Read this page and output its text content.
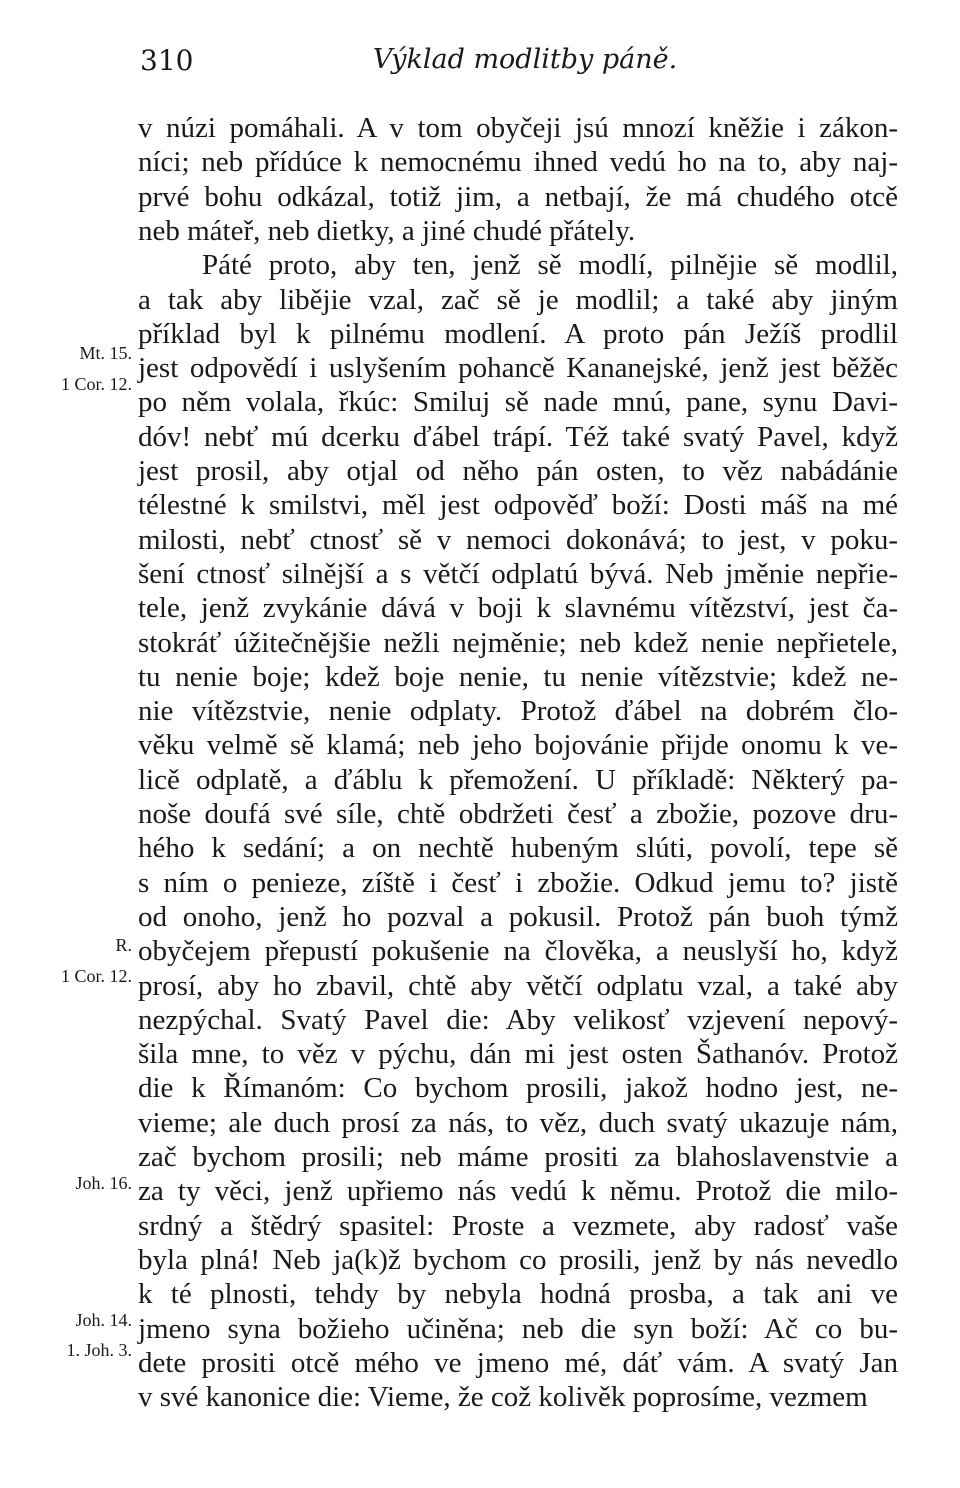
310	Výklad modlitby páně.
v núzi pomáhali. A v tom obyčeji jsú mnozí kněžie i zákon-
níci; neb přídúce k nemocnému ihned vedú ho na to, aby naj-
prvé bohu odkázal, totiž jim, a netbají, že má chudého otcě
neb máteř, neb dietky, a jiné chudé přátely.
Páté proto, aby ten, jenž sě modlí, pilnějie sě modlil,
a tak aby libějie vzal, zač sě je modlil; a také aby jiným
příklad byl k pilnému modlení. A proto pán Ježíš prodlil
jest odpovědí i uslyšením pohancě Kananejské, jenž jest běžěc
po něm volala, řkúc: Smiluj sě nade mnú, pane, synu Davi-
dóv! nebť mú dcerku ďábel trápí. Též také svatý Pavel, když
jest prosil, aby otjal od něho pán osten, to věz nabádánie
télestné k smilstvi, měl jest odpověď boží: Dosti máš na mé
milosti, nebť ctnosť sě v nemoci dokonává; to jest, v poku-
šení ctnosť silnější a s větčí odplatú bývá. Neb jměnie nepřie-
tele, jenž zvykánie dává v boji k slavnému vítězství, jest ča-
stokráť úžitečnějšie nežli nejměnie; neb kdež nenie nepřietele,
tu nenie boje; kdež boje nenie, tu nenie vítězstvie; kdež ne-
nie vítězstvie, nenie odplaty. Protož ďábel na dobrém člo-
věku velmě sě klamá; neb jeho bojovánie přijde onomu k ve-
licě odplatě, a ďáblu k přemožení. U příkladě: Některý pa-
noše doufá své síle, chtě obdržeti česť a zbožie, pozove dru-
hého k sedání; a on nechtě hubeným slúti, povolí, tepe sě
s ním o penieze, zíště i česť i zbožie. Odkud jemu to? jistě
od onoho, jenž ho pozval a pokusil. Protož pán buoh týmž
obyčejem přepustí pokušenie na člověka, a neuslyší ho, když
prosí, aby ho zbavil, chtě aby větčí odplatu vzal, a také aby
nezpýchal. Svatý Pavel die: Aby velikosť vzjevení nepový-
šila mne, to věz v pýchu, dán mi jest osten Šathanóv. Protož
die k Římanóm: Co bychom prosili, jakož hodno jest, ne-
vieme; ale duch prosí za nás, to věz, duch svatý ukazuje nám,
zač bychom prosili; neb máme prositi za blahoslavenstvie a
za ty věci, jenž upřiemo nás vedú k němu. Protož die milo-
srdný a štědrý spasitel: Proste a vezmete, aby radosť vaše
byla plná! Neb ja(k)ž bychom co prosili, jenž by nás nevedlo
k té plnosti, tehdy by nebyla hodná prosba, a tak ani ve
jmeno syna božieho učiněna; neb die syn boží: Ač co bu-
dete prositi otcě mého ve jmeno mé, dáť vám. A svatý Jan
v své kanonice die: Vieme, že což kolivěk poprosíme, vezmem
Mt. 15.
1 Cor. 12.
R.
1 Cor. 12.
Joh. 16.
Joh. 14.
1. Joh. 3.
